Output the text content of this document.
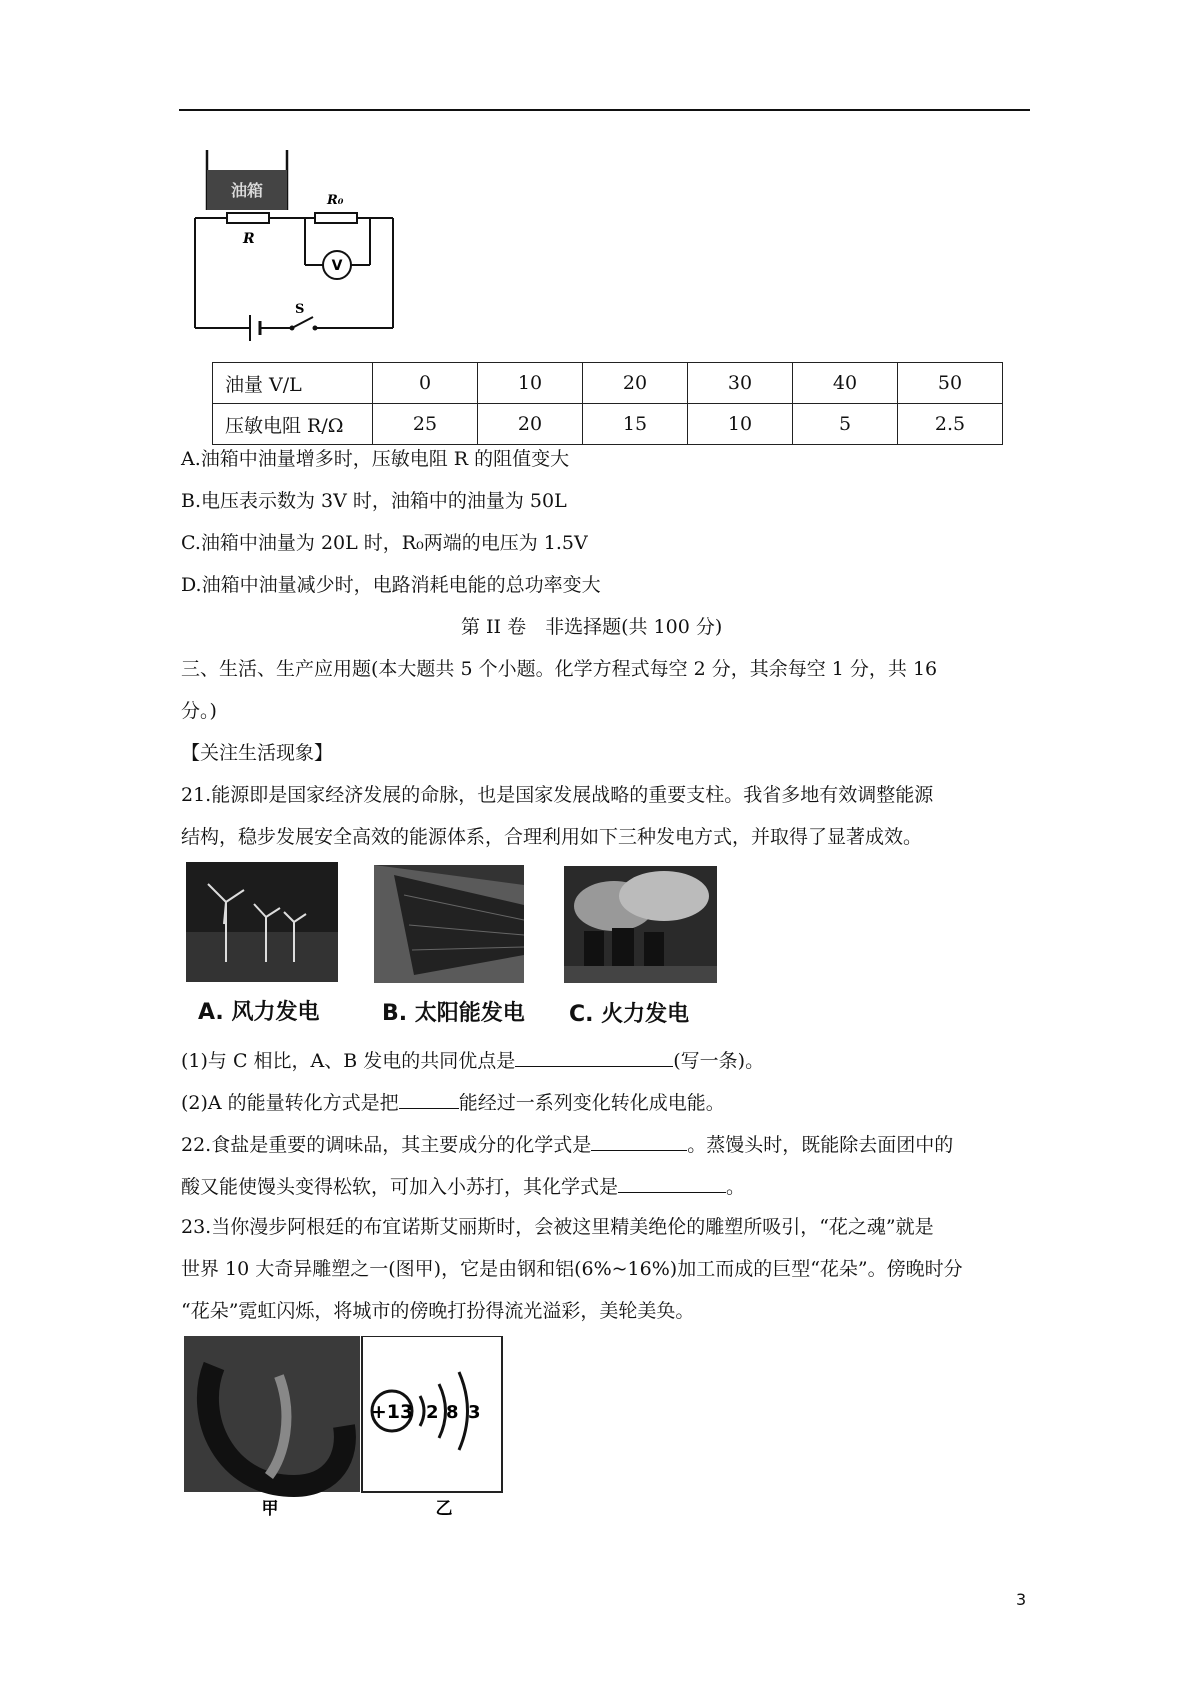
油箱
R
R₀
V
S
油量 V/L	0	10	20	30	40	50
压敏电阻 R/Ω	25	20	15	10	5	2.5
A.油箱中油量增多时，压敏电阻 R 的阻值变大
B.电压表示数为 3V 时，油箱中的油量为 50L
C.油箱中油量为 20L 时，R₀两端的电压为 1.5V
D.油箱中油量减少时，电路消耗电能的总功率变大
第 II 卷　非选择题(共 100 分)
三、生活、生产应用题(本大题共 5 个小题。化学方程式每空 2 分，其余每空 1 分，共 16
分。)
【关注生活现象】
21.能源即是国家经济发展的命脉，也是国家发展战略的重要支柱。我省多地有效调整能源
结构，稳步发展安全高效的能源体系，合理利用如下三种发电方式，并取得了显著成效。
A. 风力发电	B. 太阳能发电 C. 火力发电
(1)与 C 相比，A、B 发电的共同优点是	(写一条)。
(2)A 的能量转化方式是把	能经过一系列变化转化成电能。
22.食盐是重要的调味品，其主要成分的化学式是	。蒸馒头时，既能除去面团中的
酸又能使馒头变得松软，可加入小苏打，其化学式是	。
23.当你漫步阿根廷的布宜诺斯艾丽斯时，会被这里精美绝伦的雕塑所吸引，“花之魂”就是
世界 10 大奇异雕塑之一(图甲)，它是由钢和铝(6%~16%)加工而成的巨型“花朵”。傍晚时分
“花朵”霓虹闪烁，将城市的傍晚打扮得流光溢彩，美轮美奂。
+13 2 8 3
甲	乙
3
